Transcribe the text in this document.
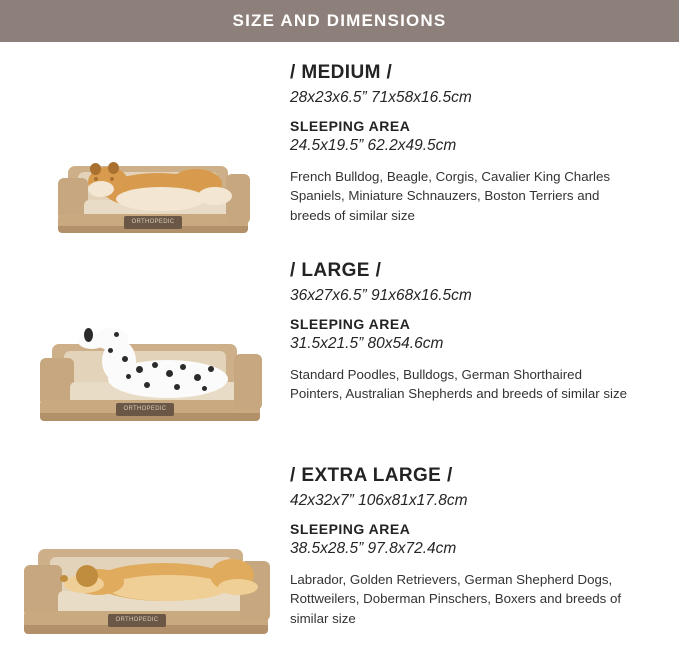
SIZE AND DIMENSIONS
ORTHOPEDIC
/ MEDIUM /
28x23x6.5” 71x58x16.5cm
SLEEPING AREA
24.5x19.5” 62.2x49.5cm
French Bulldog, Beagle, Corgis, Cavalier King Charles Spaniels, Miniature Schnauzers, Boston Terriers and breeds of similar size
ORTHOPEDIC
/ LARGE /
36x27x6.5” 91x68x16.5cm
SLEEPING AREA
31.5x21.5” 80x54.6cm
Standard Poodles, Bulldogs, German Shorthaired Pointers, Australian Shepherds and breeds of similar size
ORTHOPEDIC
/ EXTRA LARGE /
42x32x7” 106x81x17.8cm
SLEEPING AREA
38.5x28.5” 97.8x72.4cm
Labrador, Golden Retrievers, German Shepherd Dogs, Rottweilers, Doberman Pinschers, Boxers and breeds of similar size
